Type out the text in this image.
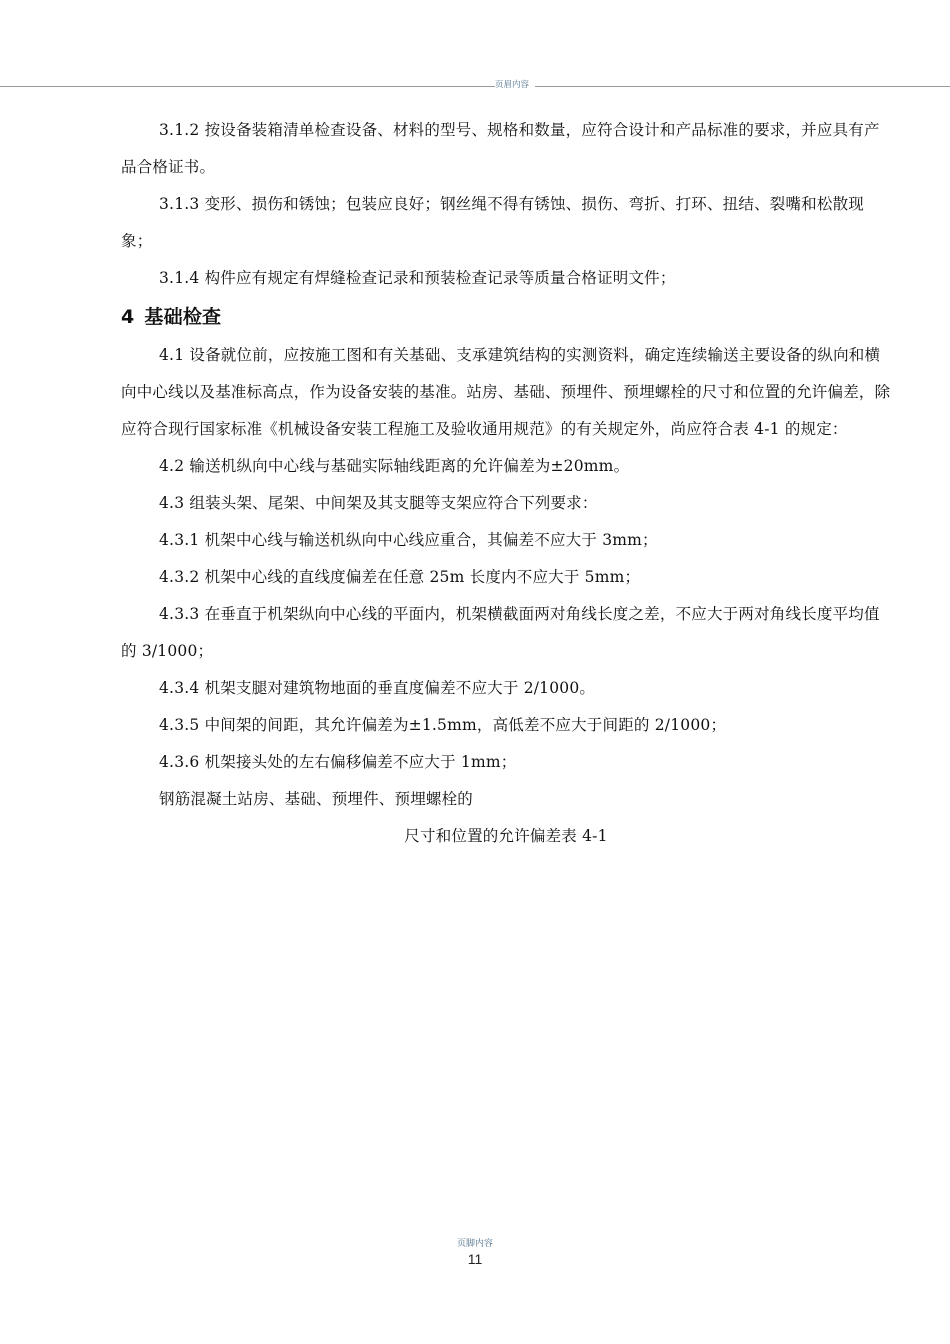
页眉内容

3.1.2 按设备装箱清单检查设备、材料的型号、规格和数量，应符合设计和产品标准的要求，并应具有产品合格证书。

3.1.3 变形、损伤和锈蚀；包装应良好；钢丝绳不得有锈蚀、损伤、弯折、打环、扭结、裂嘴和松散现象；

3.1.4 构件应有规定有焊缝检查记录和预装检查记录等质量合格证明文件；

4 基础检查

4.1 设备就位前，应按施工图和有关基础、支承建筑结构的实测资料，确定连续输送主要设备的纵向和横向中心线以及基准标高点，作为设备安装的基准。站房、基础、预埋件、预埋螺栓的尺寸和位置的允许偏差，除应符合现行国家标准《机械设备安装工程施工及验收通用规范》的有关规定外，尚应符合表 4-1 的规定：

4.2 输送机纵向中心线与基础实际轴线距离的允许偏差为±20mm。

4.3 组装头架、尾架、中间架及其支腿等支架应符合下列要求：

4.3.1 机架中心线与输送机纵向中心线应重合，其偏差不应大于 3mm；

4.3.2 机架中心线的直线度偏差在任意 25m 长度内不应大于 5mm；

4.3.3 在垂直于机架纵向中心线的平面内，机架横截面两对角线长度之差，不应大于两对角线长度平均值的 3/1000；

4.3.4 机架支腿对建筑物地面的垂直度偏差不应大于 2/1000。

4.3.5 中间架的间距，其允许偏差为±1.5mm，高低差不应大于间距的 2/1000；

4.3.6 机架接头处的左右偏移偏差不应大于 1mm；

钢筋混凝土站房、基础、预埋件、预埋螺栓的

尺寸和位置的允许偏差表 4-1

页脚内容
11
